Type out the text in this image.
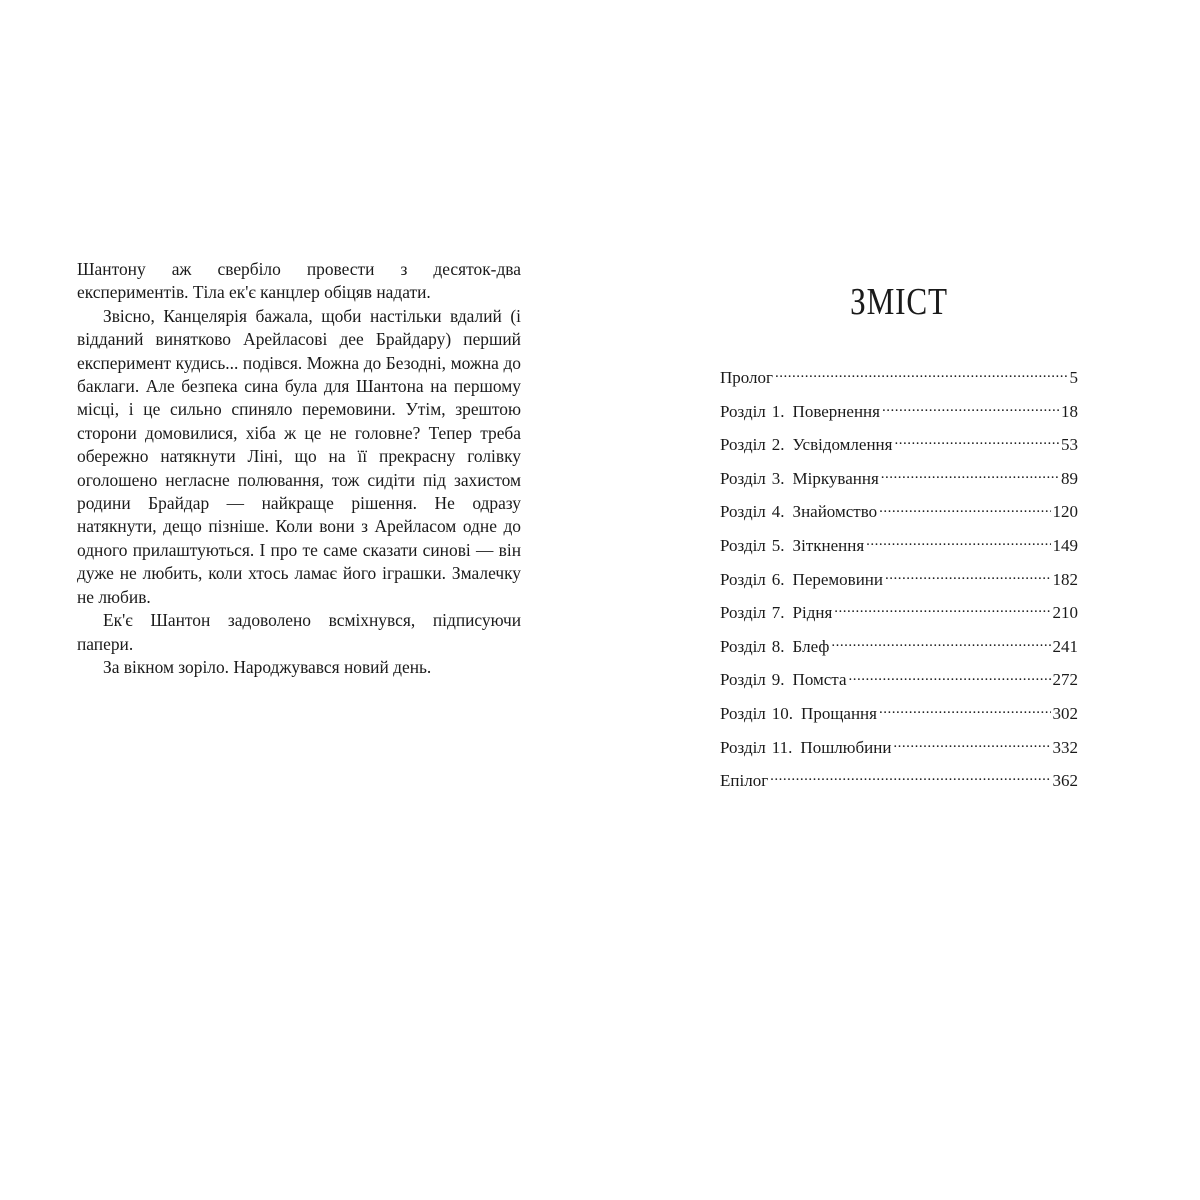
Шантону аж свербіло провести з десяток-два експериментів. Тіла ек'є канцлер обіцяв надати.

Звісно, Канцелярія бажала, щоби настільки вдалий (і відданий винятково Арейласові дее Брайдару) перший експеримент кудись... подівся. Можна до Безодні, можна до баклаги. Але безпека сина була для Шантона на першому місці, і це сильно спиняло перемовини. Утім, зрештою сторони домовилися, хіба ж це не головне? Тепер треба обережно натякнути Ліні, що на її прекрасну голівку оголошено негласне полювання, тож сидіти під захистом родини Брайдар — найкраще рішення. Не одразу натякнути, дещо пізніше. Коли вони з Арейласом одне до одного прилаштуються. І про те саме сказати синові — він дуже не любить, коли хтось ламає його іграшки. Змалечку не любив.

Ек'є Шантон задоволено всміхнувся, підписуючи папери.

За вікном зоріло. Народжувався новий день.

ЗМІСТ
Пролог .....	5
Розділ 1. Повернення .....	18
Розділ 2. Усвідомлення .....	53
Розділ 3. Міркування .....	89
Розділ 4. Знайомство .....	120
Розділ 5. Зіткнення .....	149
Розділ 6. Перемовини .....	182
Розділ 7. Рідня .....	210
Розділ 8. Блеф .....	241
Розділ 9. Помста .....	272
Розділ 10. Прощання .....	302
Розділ 11. Пошлюбини .....	332
Епілог .....	362
